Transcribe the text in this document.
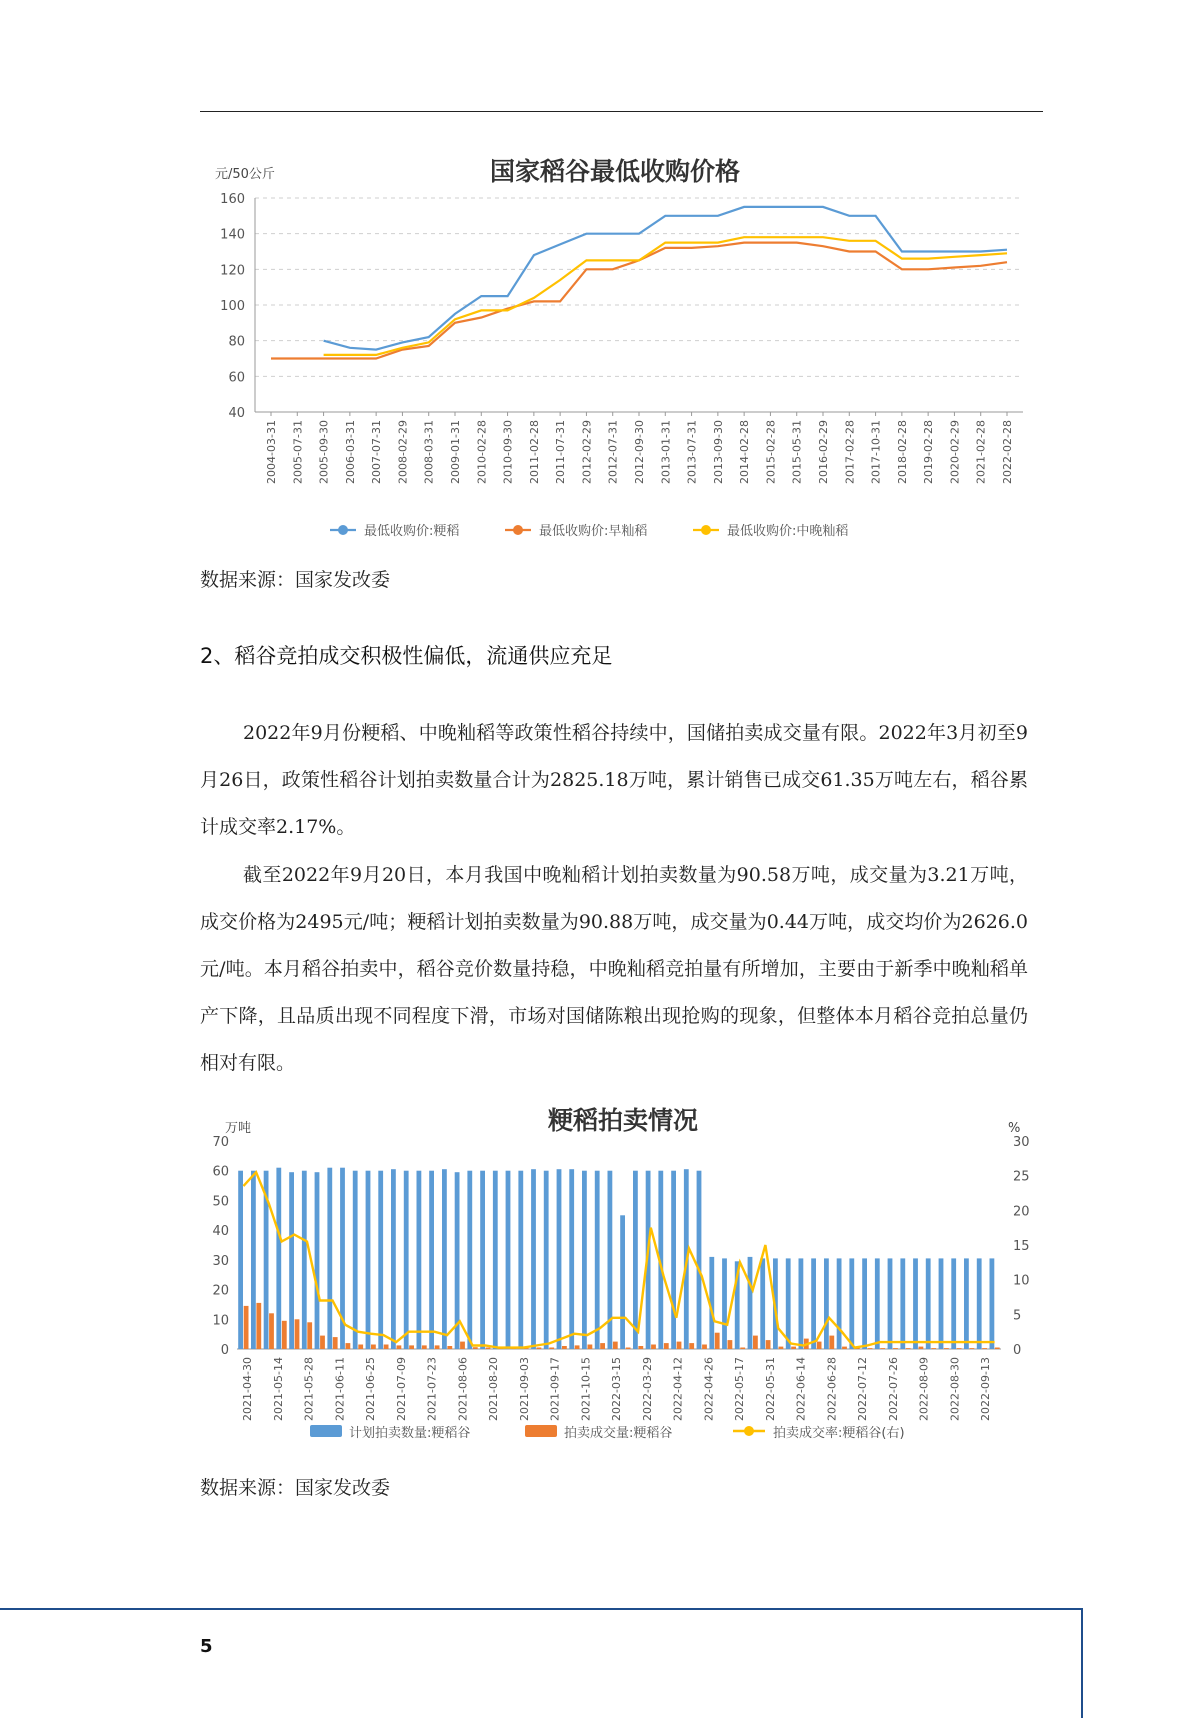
国家稻谷最低收购价格
元/50公斤
40
60
80
100
120
140
160
2004-03-31 2005-07-31 2005-09-30 2006-03-31 2007-07-31 2008-02-29 2008-03-31 2009-01-31 2010-02-28 2010-09-30 2011-02-28 2011-07-31 2012-02-29 2012-07-31 2012-09-30 2013-01-31 2013-07-31 2013-09-30 2014-02-28 2015-02-28 2015-05-31 2016-02-29 2017-02-28 2017-10-31 2018-02-28 2019-02-28 2020-02-29 2021-02-28 2022-02-28
最低收购价:粳稻	最低收购价:早籼稻	最低收购价:中晚籼稻
数据来源：国家发改委
2、稻谷竞拍成交积极性偏低，流通供应充足

2022年9月份粳稻、中晚籼稻等政策性稻谷持续中，国储拍卖成交量有限。2022年3月初至9月26日，政策性稻谷计划拍卖数量合计为2825.18万吨，累计销售已成交61.35万吨左右，稻谷累计成交率2.17%。

截至2022年9月20日，本月我国中晚籼稻计划拍卖数量为90.58万吨，成交量为3.21万吨，成交价格为2495元/吨；粳稻计划拍卖数量为90.88万吨，成交量为0.44万吨，成交均价为2626.0元/吨。本月稻谷拍卖中，稻谷竞价数量持稳，中晚籼稻竞拍量有所增加，主要由于新季中晚籼稻单产下降，且品质出现不同程度下滑，市场对国储陈粮出现抢购的现象，但整体本月稻谷竞拍总量仍相对有限。

粳稻拍卖情况
万吨	%
0
10
20
30
40
50
60
70
0
5
10
15
20
25
30
2021-04-30 2021-05-14 2021-05-28 2021-06-11 2021-06-25 2021-07-09 2021-07-23 2021-08-06 2021-08-20 2021-09-03 2021-09-17 2021-10-15 2022-03-15 2022-03-29 2022-04-12 2022-04-26 2022-05-17 2022-05-31 2022-06-14 2022-06-28 2022-07-12 2022-07-26 2022-08-09 2022-08-30 2022-09-13
计划拍卖数量:粳稻谷	拍卖成交量:粳稻谷	拍卖成交率:粳稻谷(右)
数据来源：国家发改委
5
